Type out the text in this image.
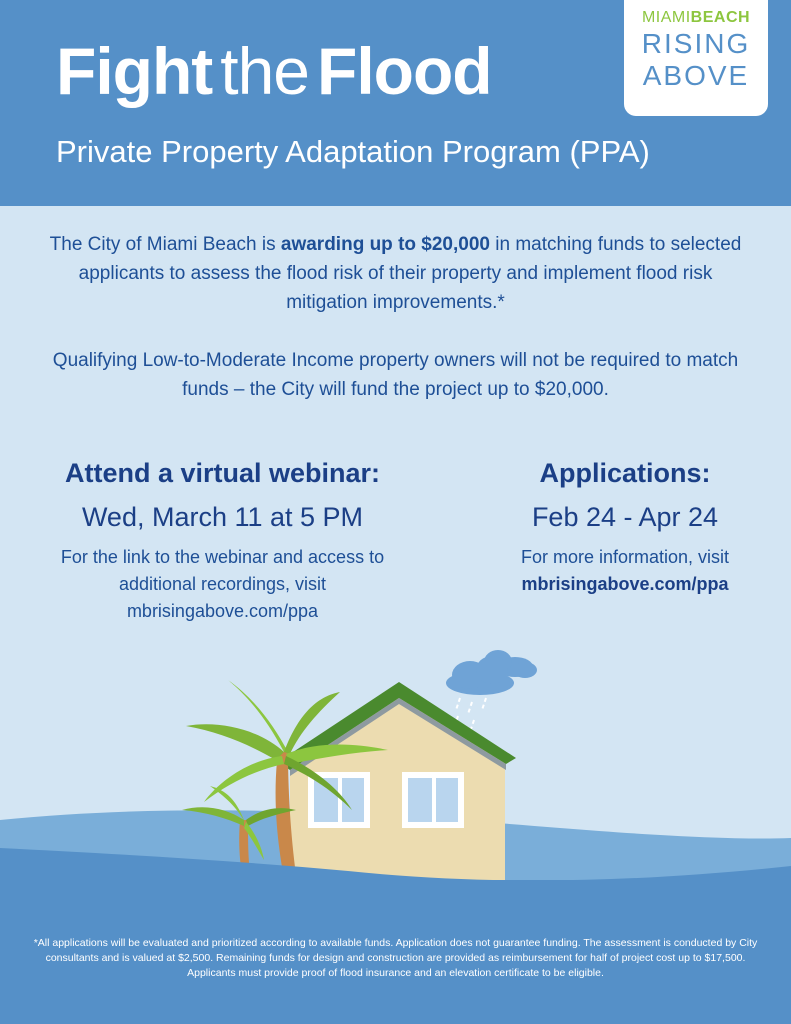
Fight the Flood
Private Property Adaptation Program (PPA)
MIAMIBEACH
RISING
ABOVE

The City of Miami Beach is awarding up to $20,000 in matching funds to selected applicants to assess the flood risk of their property and implement flood risk mitigation improvements.*

Qualifying Low-to-Moderate Income property owners will not be required to match funds – the City will fund the project up to $20,000.

Attend a virtual webinar:
Wed, March 11 at 5 PM
For the link to the webinar and access to additional recordings, visit mbrisingabove.com/ppa
Applications:
Feb 24 - Apr 24
For more information, visit
mbrisingabove.com/ppa

*All applications will be evaluated and prioritized according to available funds. Application does not guarantee funding. The assessment is conducted by City consultants and is valued at $2,500. Remaining funds for design and construction are provided as reimbursement for half of project cost up to $17,500. Applicants must provide proof of flood insurance and an elevation certificate to be eligible.
